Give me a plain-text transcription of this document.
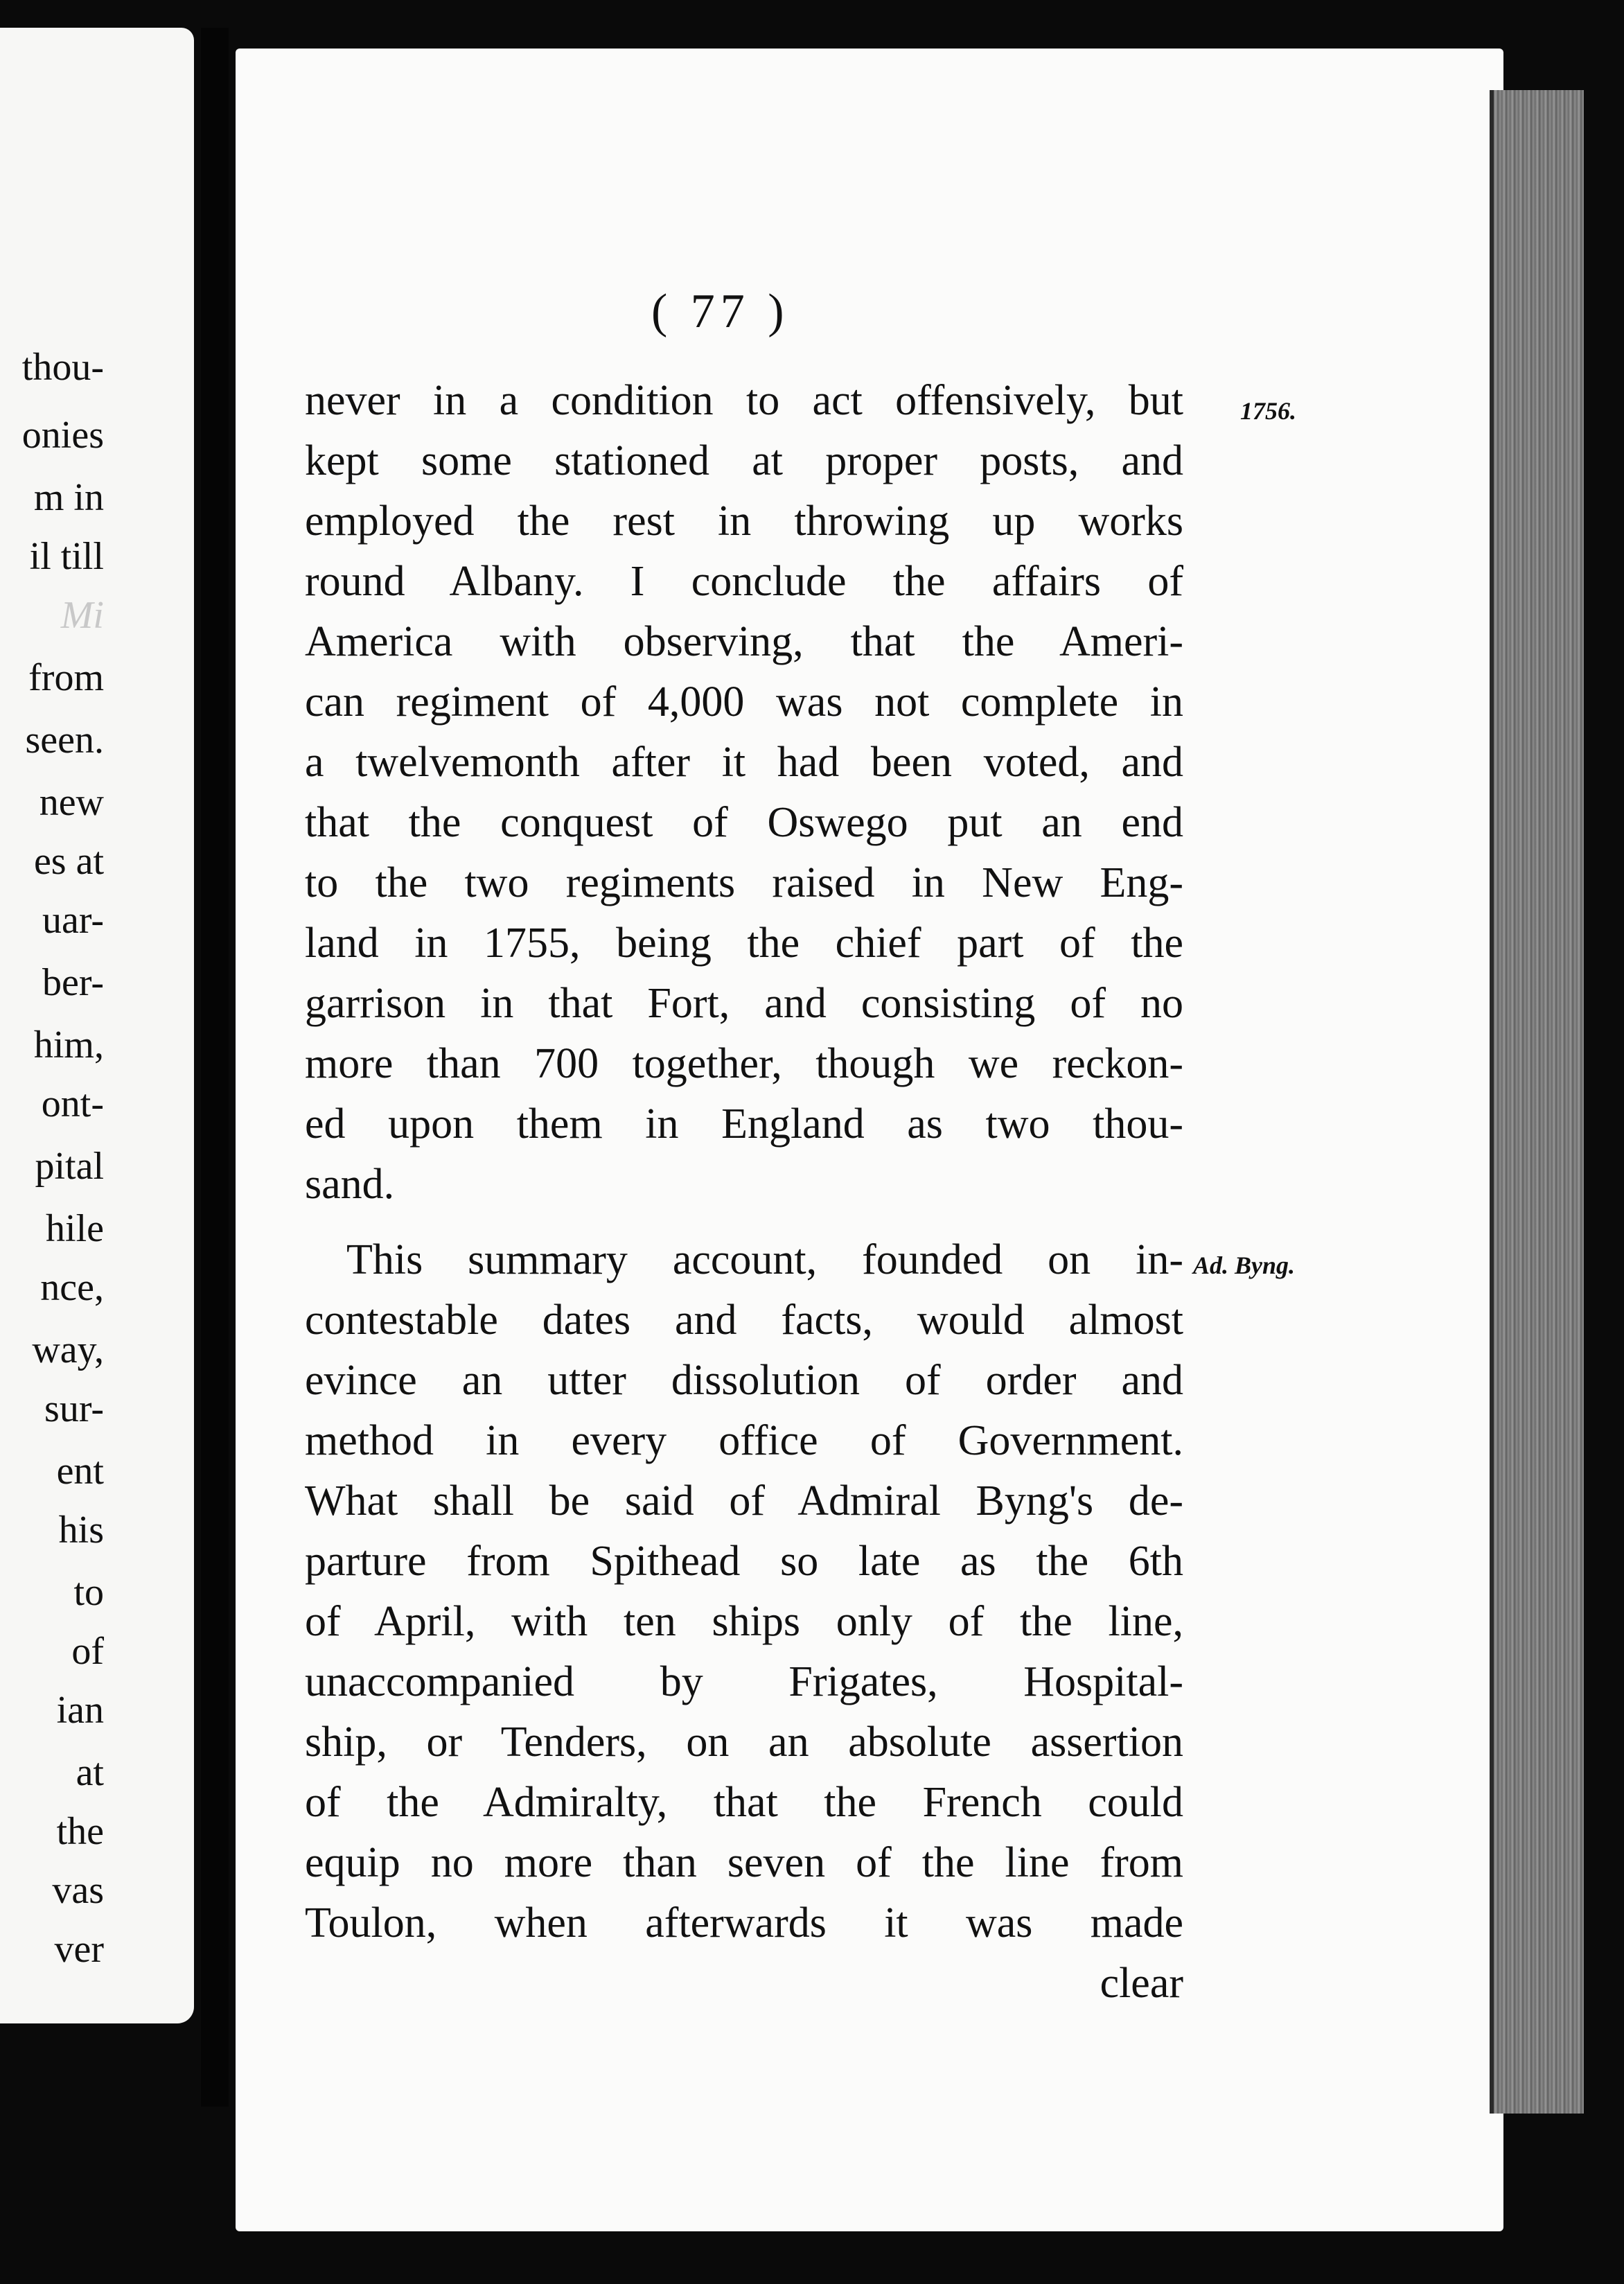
thou-
onies
m in
il till
Mi
from
seen.
new
es at
uar-
ber-
him,
ont-
pital
hile
nce,
way,
sur-
ent
his
to
of
ian
at
the
vas
ver
( 77 )
1756.
Ad. Byng.
never in a condition to act offensively, but
kept some stationed at proper posts, and
employed the rest in throwing up works
round Albany. I conclude the affairs of
America with observing, that the Ameri-
can regiment of 4,000 was not complete in
a twelvemonth after it had been voted, and
that the conquest of Oswego put an end
to the two regiments raised in New Eng-
land in 1755, being the chief part of the
garrison in that Fort, and consisting of no
more than 700 together, though we reckon-
ed upon them in England as two thou-
sand.
This summary account, founded on in-
contestable dates and facts, would almost
evince an utter dissolution of order and
method in every office of Government.
What shall be said of Admiral Byng's de-
parture from Spithead so late as the 6th
of April, with ten ships only of the line,
unaccompanied by Frigates, Hospital-
ship, or Tenders, on an absolute assertion
of the Admiralty, that the French could
equip no more than seven of the line from
Toulon, when afterwards it was made
clear
